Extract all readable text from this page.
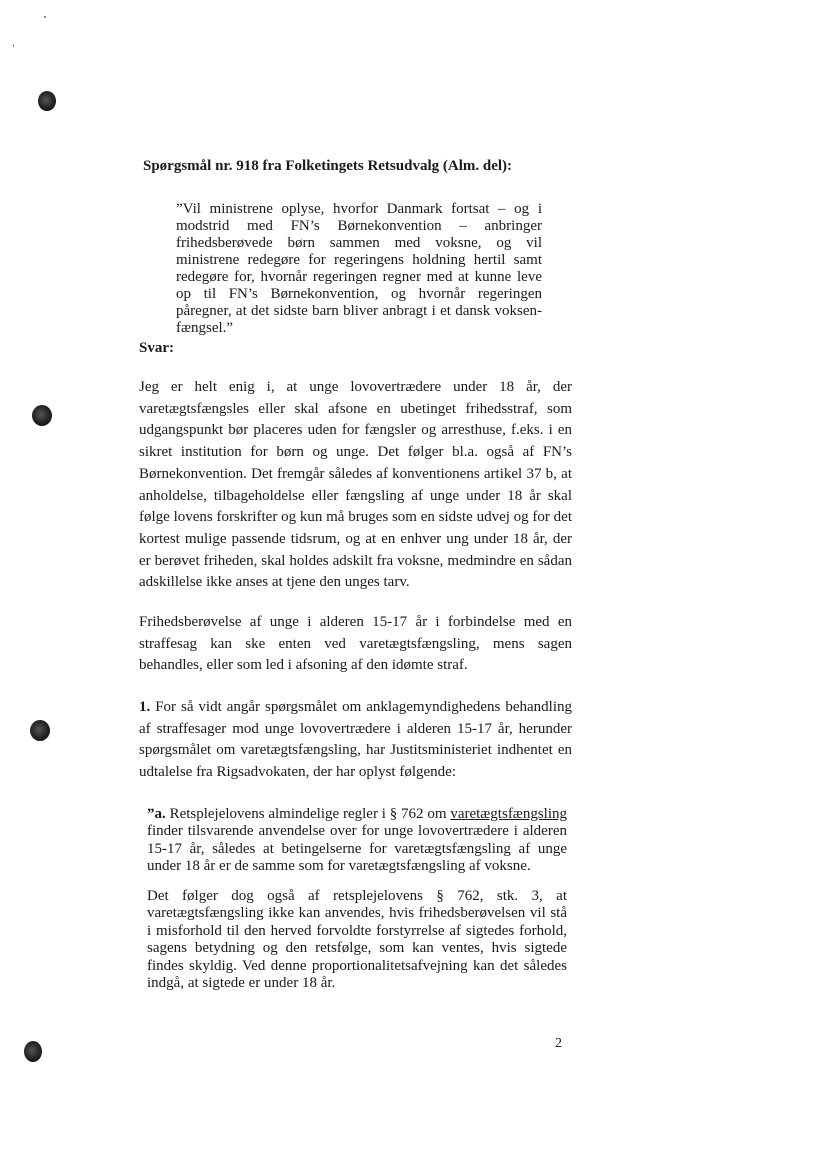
Spørgsmål nr. 918 fra Folketingets Retsudvalg (Alm. del):

”Vil ministrene oplyse, hvorfor Danmark fortsat – og i modstrid med FN’s Børnekonvention – anbringer frihedsberøvede børn sammen med voksne, og vil ministrene redegøre for regeringens holdning hertil samt redegøre for, hvornår regeringen regner med at kunne leve op til FN’s Børnekonvention, og hvornår regeringen påregner, at det sidste barn bliver anbragt i et dansk voksen-fængsel.”

Svar:

Jeg er helt enig i, at unge lovovertrædere under 18 år, der varetægtsfængsles eller skal afsone en ubetinget frihedsstraf, som udgangspunkt bør placeres uden for fængsler og arresthuse, f.eks. i en sikret institution for børn og unge. Det følger bl.a. også af FN’s Børnekonvention. Det fremgår således af konventionens artikel 37 b, at anholdelse, tilbageholdelse eller fængsling af unge under 18 år skal følge lovens forskrifter og kun må bruges som en sidste udvej og for det kortest mulige passende tidsrum, og at en enhver ung under 18 år, der er berøvet friheden, skal holdes adskilt fra voksne, medmindre en sådan adskillelse ikke anses at tjene den unges tarv.

Frihedsberøvelse af unge i alderen 15-17 år i forbindelse med en straffesag kan ske enten ved varetægtsfængsling, mens sagen behandles, eller som led i afsoning af den idømte straf.

1. For så vidt angår spørgsmålet om anklagemyndighedens behandling af straffesager mod unge lovovertrædere i alderen 15-17 år, herunder spørgsmålet om varetægtsfængsling, har Justitsministeriet indhentet en udtalelse fra Rigsadvokaten, der har oplyst følgende:

”a. Retsplejelovens almindelige regler i § 762 om varetægtsfængsling finder tilsvarende anvendelse over for unge lovovertrædere i alderen 15-17 år, således at betingelserne for varetægtsfængsling af unge under 18 år er de samme som for varetægtsfængsling af voksne.

Det følger dog også af retsplejelovens § 762, stk. 3, at varetægtsfængsling ikke kan anvendes, hvis frihedsberøvelsen vil stå i misforhold til den herved forvoldte forstyrrelse af sigtedes forhold, sagens betydning og den retsfølge, som kan ventes, hvis sigtede findes skyldig. Ved denne proportionalitetsafvejning kan det således indgå, at sigtede er under 18 år.

2
